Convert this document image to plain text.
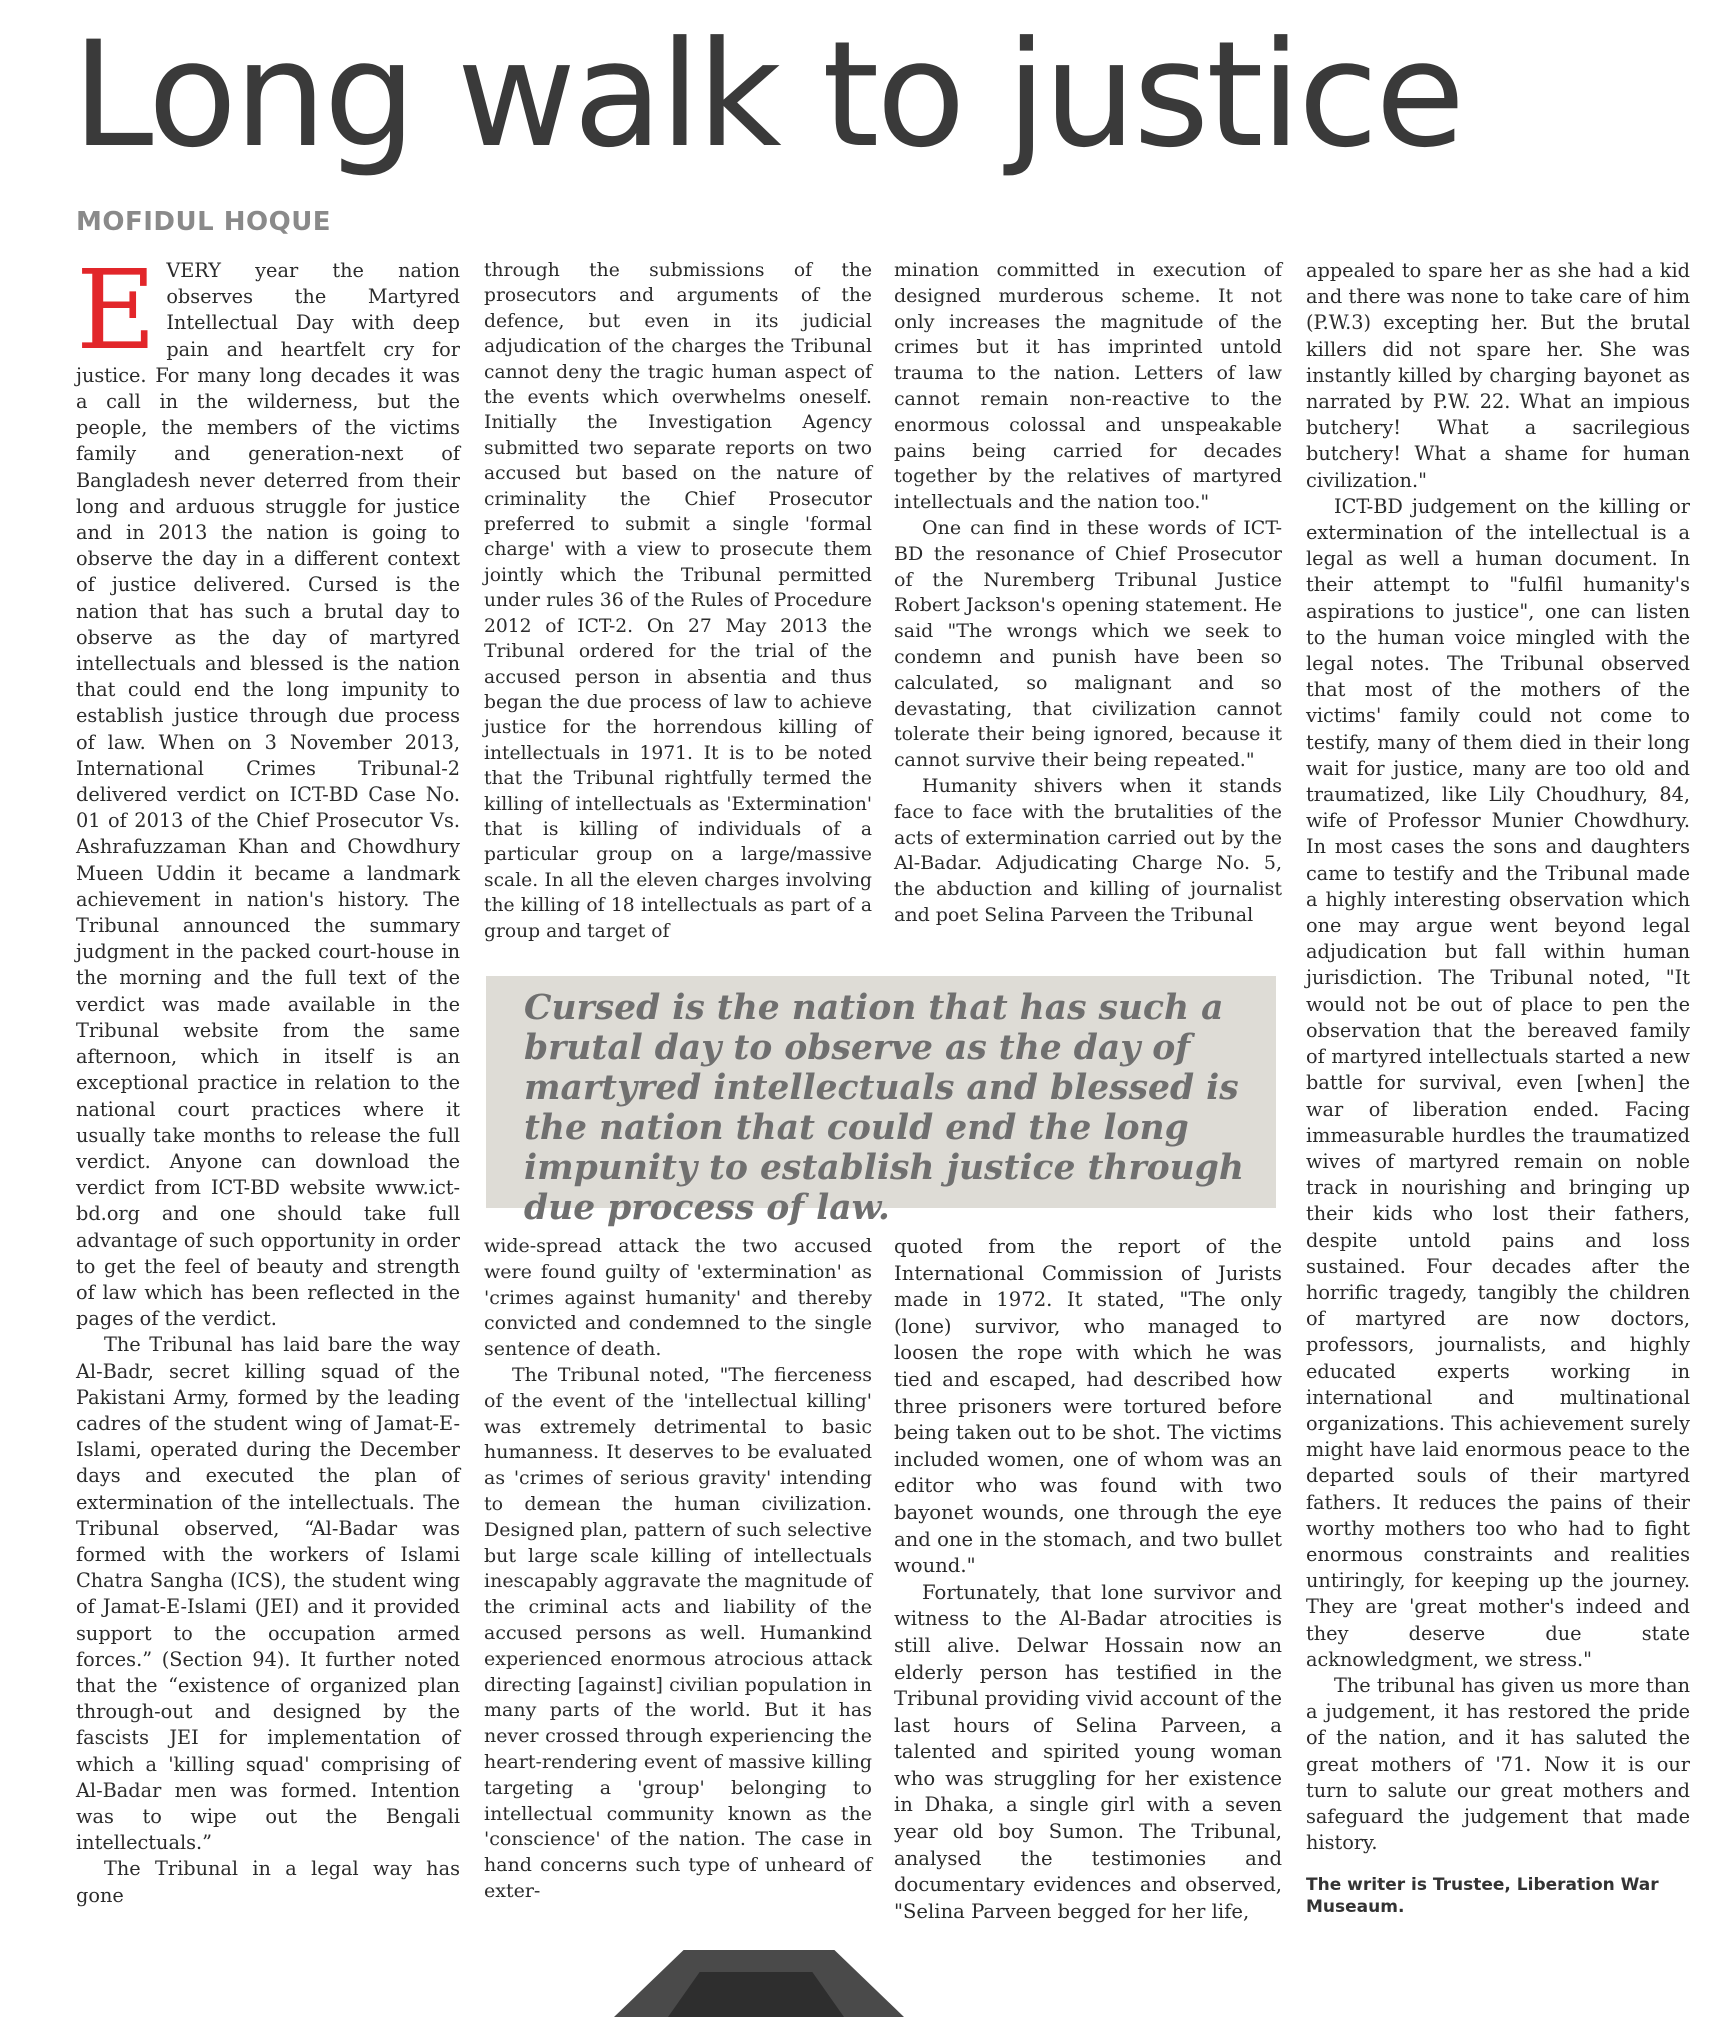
Long walk to justice
MOFIDUL HOQUE

EVERY year the nation observes the Martyred Intellectual Day with deep pain and heartfelt cry for justice. For many long decades it was a call in the wilderness, but the people, the members of the victims family and generation-next of Bangladesh never deterred from their long and arduous struggle for justice and in 2013 the nation is going to observe the day in a different context of justice delivered. Cursed is the nation that has such a brutal day to observe as the day of martyred intellectuals and blessed is the nation that could end the long impunity to establish justice through due process of law. When on 3 November 2013, International Crimes Tribunal-2 delivered verdict on ICT-BD Case No. 01 of 2013 of the Chief Prosecutor Vs. Ashrafuzzaman Khan and Chowdhury Mueen Uddin it became a landmark achievement in nation's history. The Tribunal announced the summary judgment in the packed court-house in the morning and the full text of the verdict was made available in the Tribunal website from the same afternoon, which in itself is an exceptional practice in relation to the national court practices where it usually take months to release the full verdict. Anyone can download the verdict from ICT-BD website www.ict-bd.org and one should take full advantage of such opportunity in order to get the feel of beauty and strength of law which has been reflected in the pages of the verdict.

The Tribunal has laid bare the way Al-Badr, secret killing squad of the Pakistani Army, formed by the leading cadres of the student wing of Jamat-E-Islami, operated during the December days and executed the plan of extermination of the intellectuals. The Tribunal observed, “Al-Badar was formed with the workers of Islami Chatra Sangha (ICS), the student wing of Jamat-E-Islami (JEI) and it provided support to the occupation armed forces.” (Section 94). It further noted that the “existence of organized plan through-out and designed by the fascists JEI for implementation of which a 'killing squad' comprising of Al-Badar men was formed. Intention was to wipe out the Bengali intellectuals.”

The Tribunal in a legal way has gone

through the submissions of the prosecutors and arguments of the defence, but even in its judicial adjudication of the charges the Tribunal cannot deny the tragic human aspect of the events which overwhelms oneself. Initially the Investigation Agency submitted two separate reports on two accused but based on the nature of criminality the Chief Prosecutor preferred to submit a single 'formal charge' with a view to prosecute them jointly which the Tribunal permitted under rules 36 of the Rules of Procedure 2012 of ICT-2. On 27 May 2013 the Tribunal ordered for the trial of the accused person in absentia and thus began the due process of law to achieve justice for the horrendous killing of intellectuals in 1971. It is to be noted that the Tribunal rightfully termed the killing of intellectuals as 'Extermination' that is killing of individuals of a particular group on a large/massive scale. In all the eleven charges involving the killing of 18 intellectuals as part of a group and target of

mination committed in execution of designed murderous scheme. It not only increases the magnitude of the crimes but it has imprinted untold trauma to the nation. Letters of law cannot remain non-reactive to the enormous colossal and unspeakable pains being carried for decades together by the relatives of martyred intellectuals and the nation too."

One can find in these words of ICT-BD the resonance of Chief Prosecutor of the Nuremberg Tribunal Justice Robert Jackson's opening statement. He said "The wrongs which we seek to condemn and punish have been so calculated, so malignant and so devastating, that civilization cannot tolerate their being ignored, because it cannot survive their being repeated."

Humanity shivers when it stands face to face with the brutalities of the acts of extermination carried out by the Al-Badar. Adjudicating Charge No. 5, the abduction and killing of journalist and poet Selina Parveen the Tribunal

Cursed is the nation that has such a brutal day to observe as the day of martyred intellectuals and blessed is the nation that could end the long impunity to establish justice through due process of law.

wide-spread attack the two accused were found guilty of 'extermination' as 'crimes against humanity' and thereby convicted and condemned to the single sentence of death.

The Tribunal noted, "The fierceness of the event of the 'intellectual killing' was extremely detrimental to basic humanness. It deserves to be evaluated as 'crimes of serious gravity' intending to demean the human civilization. Designed plan, pattern of such selective but large scale killing of intellectuals inescapably aggravate the magnitude of the criminal acts and liability of the accused persons as well. Humankind experienced enormous atrocious attack directing [against] civilian population in many parts of the world. But it has never crossed through experiencing the heart-rendering event of massive killing targeting a 'group' belonging to intellectual community known as the 'conscience' of the nation. The case in hand concerns such type of unheard of exter-

quoted from the report of the International Commission of Jurists made in 1972. It stated, "The only (lone) survivor, who managed to loosen the rope with which he was tied and escaped, had described how three prisoners were tortured before being taken out to be shot. The victims included women, one of whom was an editor who was found with two bayonet wounds, one through the eye and one in the stomach, and two bullet wound."

Fortunately, that lone survivor and witness to the Al-Badar atrocities is still alive. Delwar Hossain now an elderly person has testified in the Tribunal providing vivid account of the last hours of Selina Parveen, a talented and spirited young woman who was struggling for her existence in Dhaka, a single girl with a seven year old boy Sumon. The Tribunal, analysed the testimonies and documentary evidences and observed, "Selina Parveen begged for her life,

appealed to spare her as she had a kid and there was none to take care of him (P.W.3) excepting her. But the brutal killers did not spare her. She was instantly killed by charging bayonet as narrated by P.W. 22. What an impious butchery! What a sacrilegious butchery! What a shame for human civilization."

ICT-BD judgement on the killing or extermination of the intellectual is a legal as well a human document. In their attempt to "fulfil humanity's aspirations to justice", one can listen to the human voice mingled with the legal notes. The Tribunal observed that most of the mothers of the victims' family could not come to testify, many of them died in their long wait for justice, many are too old and traumatized, like Lily Choudhury, 84, wife of Professor Munier Chowdhury. In most cases the sons and daughters came to testify and the Tribunal made a highly interesting observation which one may argue went beyond legal adjudication but fall within human jurisdiction. The Tribunal noted, "It would not be out of place to pen the observation that the bereaved family of martyred intellectuals started a new battle for survival, even [when] the war of liberation ended. Facing immeasurable hurdles the traumatized wives of martyred remain on noble track in nourishing and bringing up their kids who lost their fathers, despite untold pains and loss sustained. Four decades after the horrific tragedy, tangibly the children of martyred are now doctors, professors, journalists, and highly educated experts working in international and multinational organizations. This achievement surely might have laid enormous peace to the departed souls of their martyred fathers. It reduces the pains of their worthy mothers too who had to fight enormous constraints and realities untiringly, for keeping up the journey. They are 'great mother's indeed and they deserve due state acknowledgment, we stress."

The tribunal has given us more than a judgement, it has restored the pride of the nation, and it has saluted the great mothers of '71. Now it is our turn to salute our great mothers and safeguard the judgement that made history.

The writer is Trustee, Liberation War Museaum.
